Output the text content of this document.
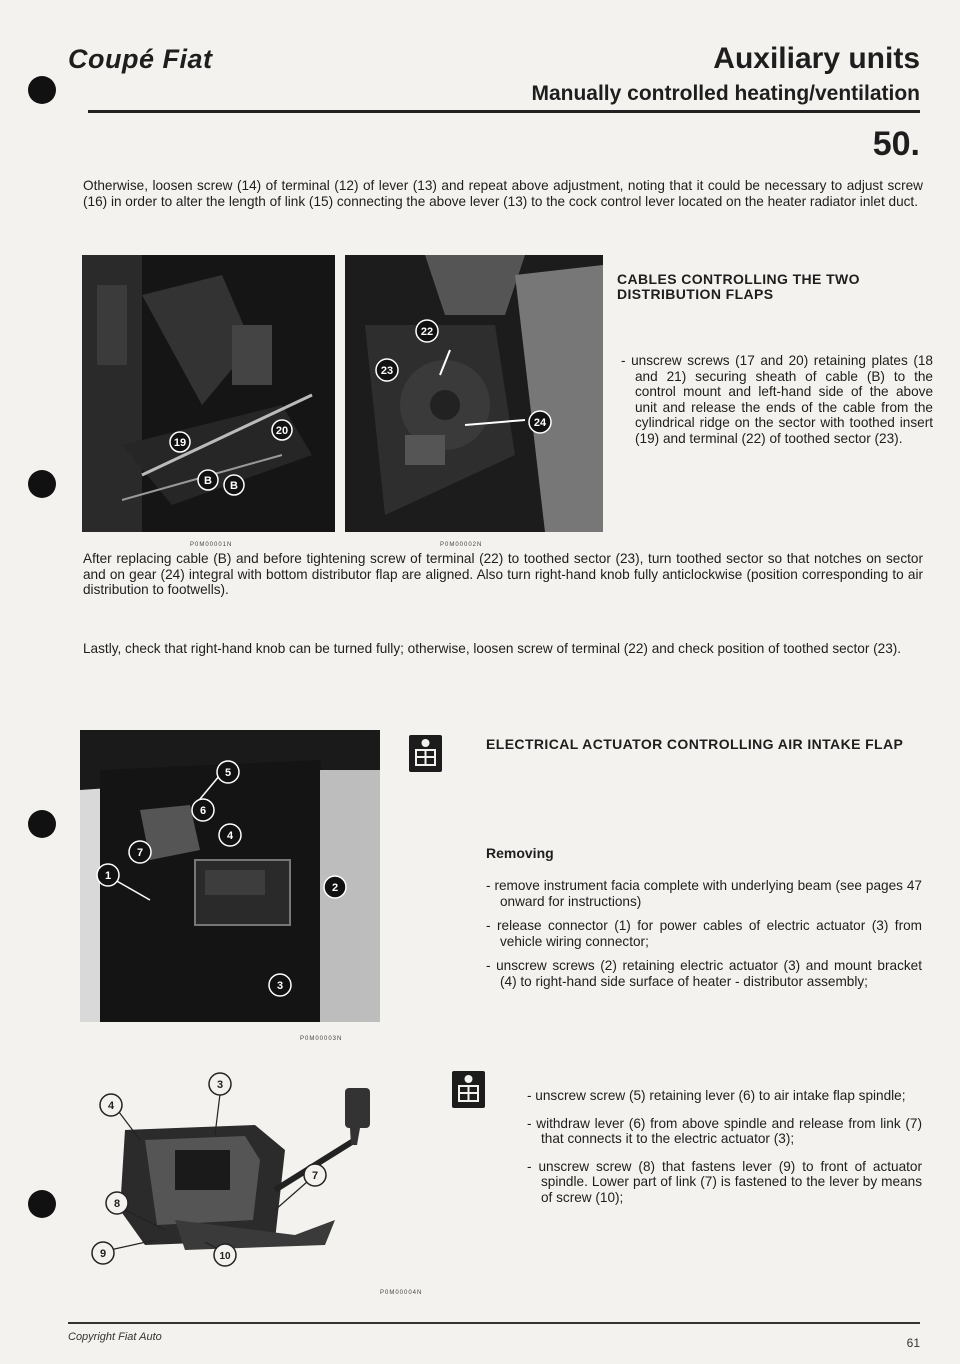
Coupé Fiat	Auxiliary units
Manually controlled heating/ventilation
50.
Otherwise, loosen screw (14) of terminal (12) of lever (13) and repeat above adjustment, noting that it could be necessary to adjust screw (16) in order to alter the length of link (15) connecting the above lever (13) to the cock control lever located on the heater radiator inlet duct.
20
19
B B
P0M00001N
22
23
24
P0M00002N
CABLES CONTROLLING THE TWO DISTRIBUTION FLAPS
- unscrew screws (17 and 20) retaining plates (18 and 21) securing sheath of cable (B) to the control mount and left-hand side of the above unit and release the ends of the cable from the cylindrical ridge on the sector with toothed insert (19) and terminal (22) of toothed sector (23).
After replacing cable (B) and before tightening screw of terminal (22) to toothed sector (23), turn toothed sector so that notches on sector and on gear (24) integral with bottom distributor flap are aligned. Also turn right-hand knob fully anticlockwise (position corresponding to air distribution to footwells).
Lastly, check that right-hand knob can be turned fully; otherwise, loosen screw of terminal (22) and check position of toothed sector (23).
5
6
7
4
1
2
3
P0M00003N
ELECTRICAL ACTUATOR CONTROLLING AIR INTAKE FLAP
Removing
- remove instrument facia complete with underlying beam (see pages 47 onward for instructions)
- release connector (1) for power cables of electric actuator (3) from vehicle wiring connector;
- unscrew screws (2) retaining electric actuator (3) and mount bracket (4) to right-hand side surface of heater - distributor assembly;
- unscrew screw (5) retaining lever (6) to air intake flap spindle;
- withdraw lever (6) from above spindle and release from link (7) that connects it to the electric actuator (3);
- unscrew screw (8) that fastens lever (9) to front of actuator spindle. Lower part of link (7) is fastened to the lever by means of screw (10);
3
4
7
8
9	10
P0M00004N
Copyright Fiat Auto	61
